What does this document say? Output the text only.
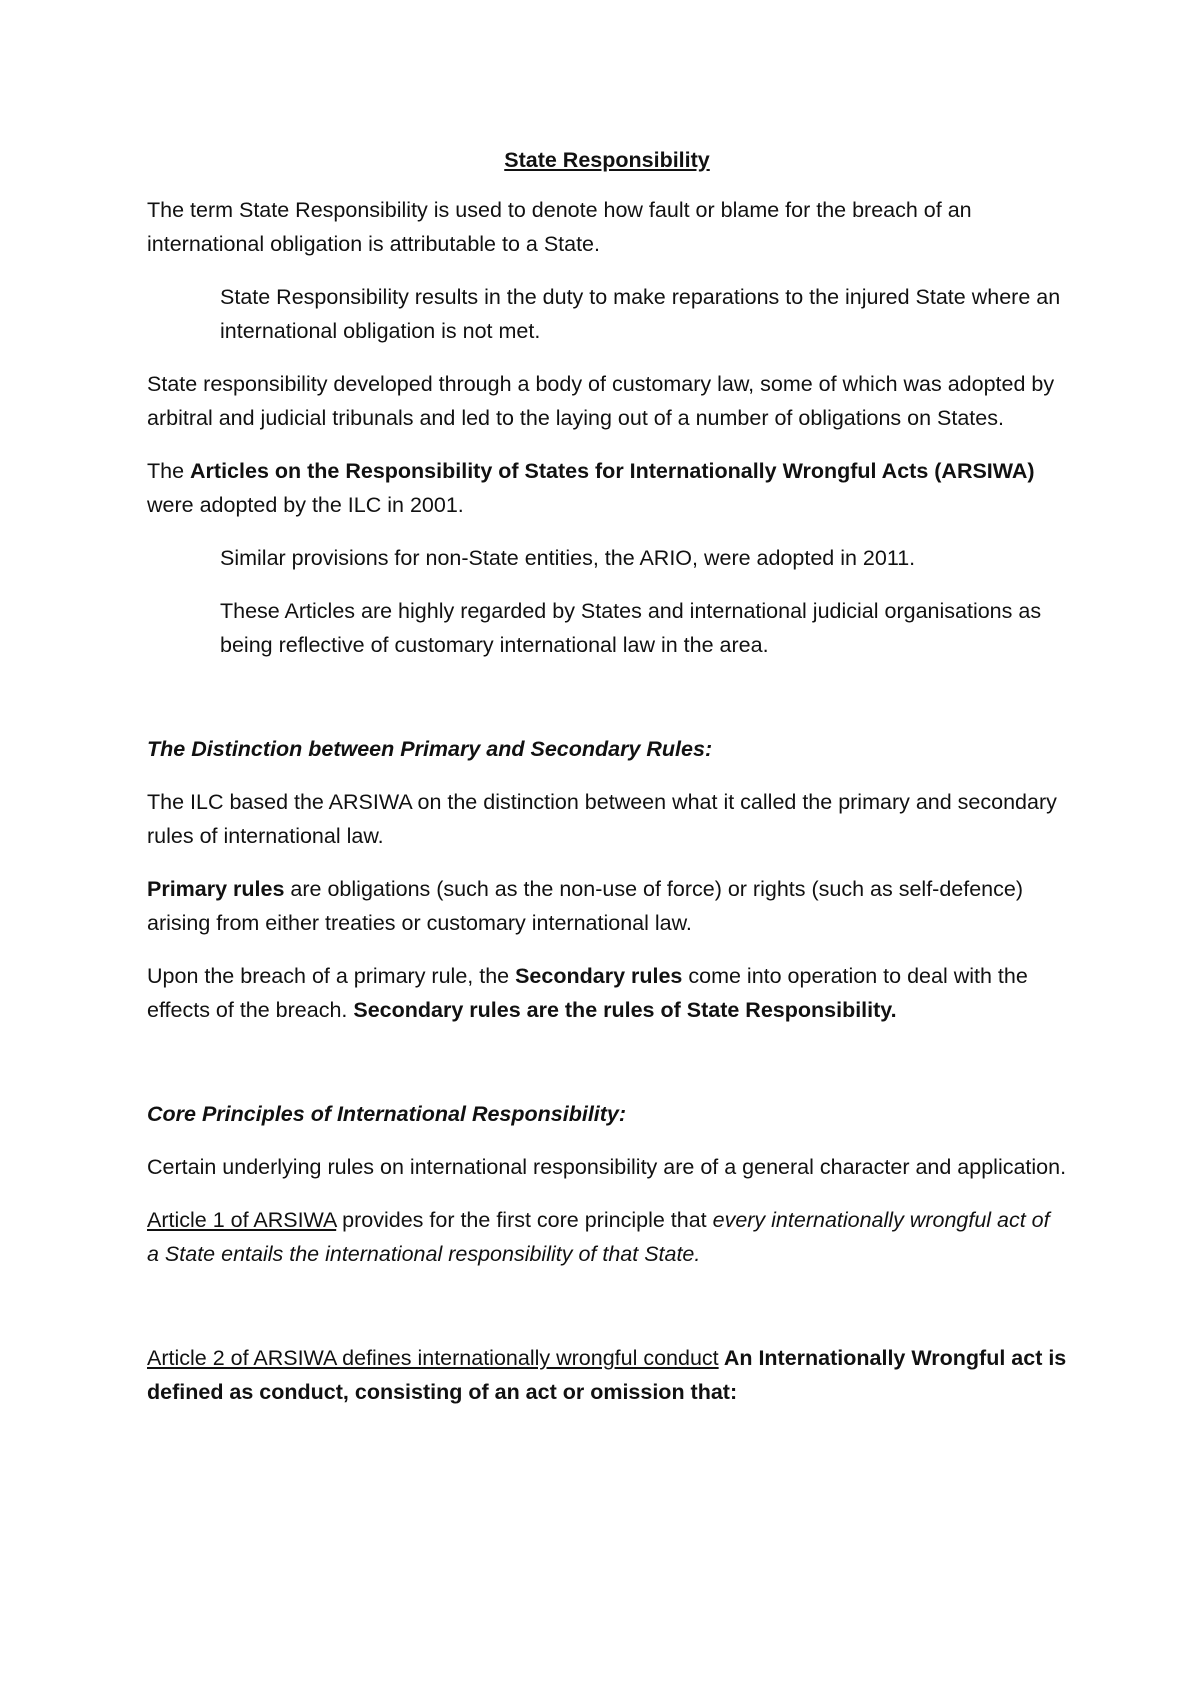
State Responsibility

The term State Responsibility is used to denote how fault or blame for the breach of an international obligation is attributable to a State.

State Responsibility results in the duty to make reparations to the injured State where an international obligation is not met.

State responsibility developed through a body of customary law, some of which was adopted by arbitral and judicial tribunals and led to the laying out of a number of obligations on States.

The Articles on the Responsibility of States for Internationally Wrongful Acts (ARSIWA) were adopted by the ILC in 2001.

Similar provisions for non-State entities, the ARIO, were adopted in 2011.

These Articles are highly regarded by States and international judicial organisations as being reflective of customary international law in the area.

The Distinction between Primary and Secondary Rules:

The ILC based the ARSIWA on the distinction between what it called the primary and secondary rules of international law.

Primary rules are obligations (such as the non-use of force) or rights (such as self-defence) arising from either treaties or customary international law.

Upon the breach of a primary rule, the Secondary rules come into operation to deal with the effects of the breach. Secondary rules are the rules of State Responsibility.

Core Principles of International Responsibility:

Certain underlying rules on international responsibility are of a general character and application.

Article 1 of ARSIWA provides for the first core principle that every internationally wrongful act of a State entails the international responsibility of that State.

Article 2 of ARSIWA defines internationally wrongful conduct An Internationally Wrongful act is defined as conduct, consisting of an act or omission that:
